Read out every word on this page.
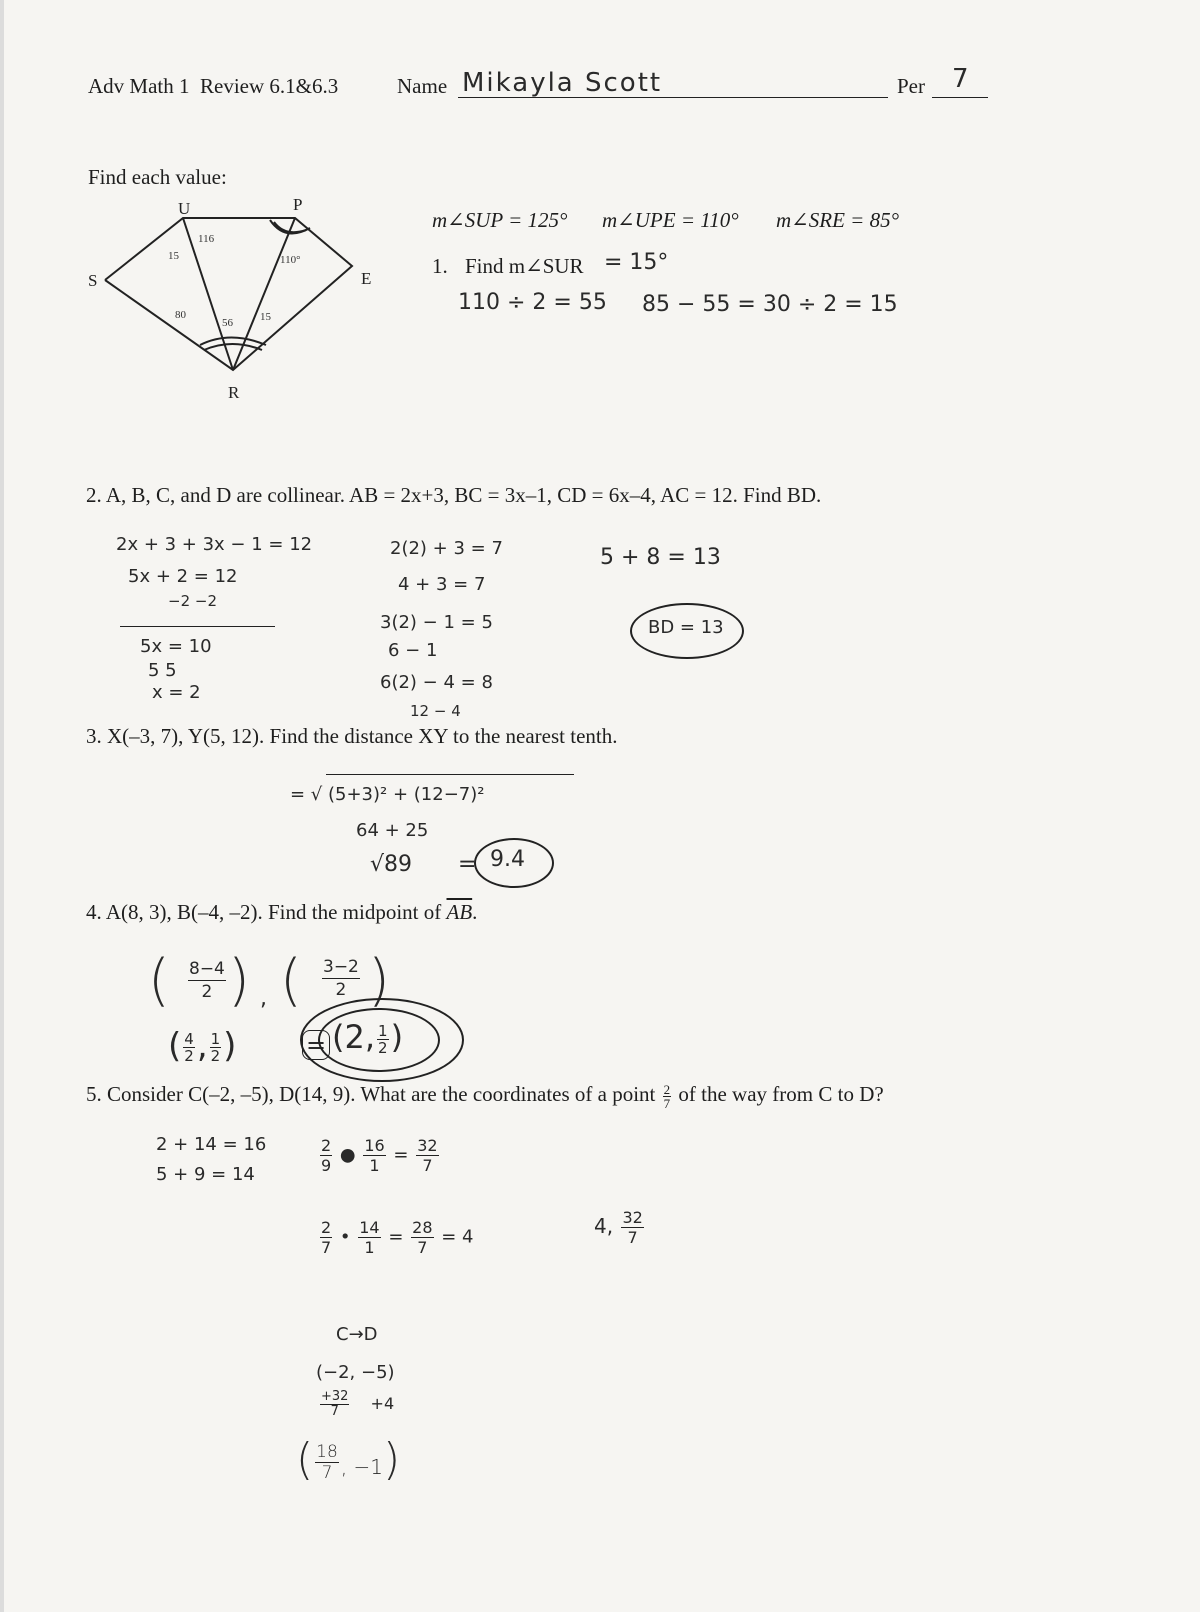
Adv Math 1 Review 6.1&6.3	Name Mikayla Scott	Per 7
Find each value:
U	P
S	E
R
15
116
110°
80
56 15
m∠SUP = 125° m∠UPE = 110° m∠SRE = 85°
1. Find m∠SUR = 15°
110 ÷ 2 = 55 85 − 55 = 30 ÷ 2 = 15
2. A, B, C, and D are collinear. AB = 2x+3, BC = 3x–1, CD = 6x–4, AC = 12. Find BD.
2x + 3 + 3x − 1 = 12
5x + 2 = 12
−2 −2
5x = 10
5 5
x = 2
2(2) + 3 = 7
4 + 3 = 7
3(2) − 1 = 5
6 − 1
6(2) − 4 = 8
12 − 4
5 + 8 = 13
BD = 13
3. X(–3, 7), Y(5, 12). Find the distance XY to the nearest tenth.
= √ (5+3)² + (12−7)²
64 + 25
√89 = 9.4
4. A(8, 3), B(–4, –2). Find the midpoint of $\overline{AB}$.
( $\frac{8-4}{2}$ ) , ( $\frac{3-2}{2}$ )
( $\frac{4}{2}$ , $\frac{1}{2}$ )	= (2, $\frac{1}{2}$ )
5. Consider C(–2, –5), D(14, 9). What are the coordinates of a point $\frac{2}{7}$ of the way from C to D?
2 + 14 = 16
5 + 9 = 14	$\frac{2}{9}$ ● $\frac{16}{1} = \frac{32}{7}$
$\frac{2}{7}$ • $\frac{14}{1} = \frac{28}{7} = 4$	4, $\frac{32}{7}$
C→D
(−2, −5)
$\frac{+32}{7} +4$
( $\frac{18}{7}$ , −1)
